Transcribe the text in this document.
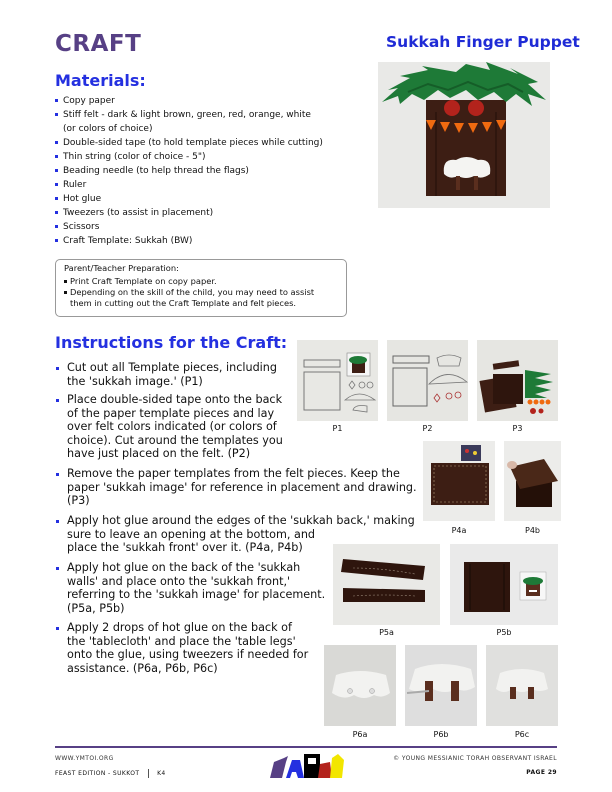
CRAFT	Sukkah Finger Puppet
Materials:
Copy paper
Stiff felt - dark & light brown, green, red, orange, white
(or colors of choice)
Double-sided tape (to hold template pieces while cutting)
Thin string (color of choice - 5")
Beading needle (to help thread the flags)
Ruler
Hot glue
Tweezers (to assist in placement)
Scissors
Craft Template: Sukkah (BW)
Parent/Teacher Preparation:
Print Craft Template on copy paper.
Depending on the skill of the child, you may need to assist
them in cutting out the Craft Template and felt pieces.
Instructions for the Craft:
Cut out all Template pieces, including
the 'sukkah image.' (P1)
Place double-sided tape onto the back
of the paper template pieces and lay
over felt colors indicated (or colors of
choice). Cut around the templates you
have just placed on the felt. (P2)
Remove the paper templates from the felt pieces. Keep the
paper 'sukkah image' for reference in placement and drawing.
(P3)
Apply hot glue around the edges of the 'sukkah back,' making
sure to leave an opening at the bottom, and
place the 'sukkah front' over it. (P4a, P4b)
Apply hot glue on the back of the 'sukkah
walls' and place onto the 'sukkah front,'
referring to the 'sukkah image' for placement.
(P5a, P5b)
Apply 2 drops of hot glue on the back of
the 'tablecloth' and place the 'table legs'
onto the glue, using tweezers if needed for
assistance. (P6a, P6b, P6c)
P1	P2	P3
P4a	P4b
P5a	P5b
P6a	P6b	P6c
WWW.YMTOI.ORG
FEAST EDITION - SUKKOT	K4
© YOUNG MESSIANIC TORAH OBSERVANT ISRAEL
PAGE 29
